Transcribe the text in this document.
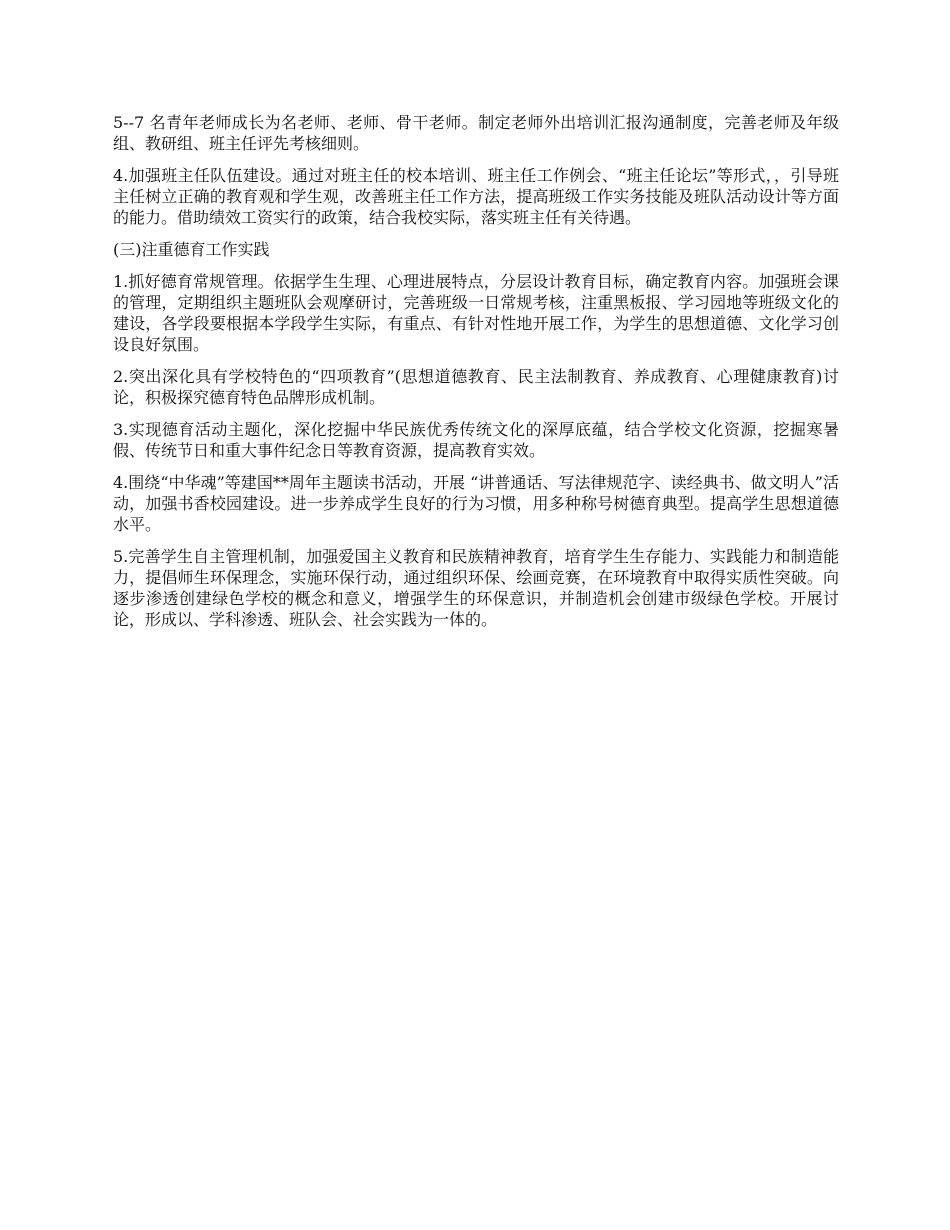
5--7 名青年老师成长为名老师、老师、骨干老师。制定老师外出培训汇报沟通制度，完善老师及年级组、教研组、班主任评先考核细则。

4.加强班主任队伍建设。通过对班主任的校本培训、班主任工作例会、“班主任论坛”等形式，，引导班主任树立正确的教育观和学生观，改善班主任工作方法，提高班级工作实务技能及班队活动设计等方面的能力。借助绩效工资实行的政策，结合我校实际，落实班主任有关待遇。

(三)注重德育工作实践

1.抓好德育常规管理。依据学生生理、心理进展特点，分层设计教育目标，确定教育内容。加强班会课的管理，定期组织主题班队会观摩研讨，完善班级一日常规考核，注重黑板报、学习园地等班级文化的建设，各学段要根据本学段学生实际，有重点、有针对性地开展工作，为学生的思想道德、文化学习创设良好氛围。

2.突出深化具有学校特色的“四项教育”(思想道德教育、民主法制教育、养成教育、心理健康教育)讨论，积极探究德育特色品牌形成机制。

3.实现德育活动主题化，深化挖掘中华民族优秀传统文化的深厚底蕴，结合学校文化资源，挖掘寒暑假、传统节日和重大事件纪念日等教育资源，提高教育实效。

4.围绕“中华魂”等建国**周年主题读书活动，开展 “讲普通话、写法律规范字、读经典书、做文明人”活动，加强书香校园建设。进一步养成学生良好的行为习惯，用多种称号树德育典型。提高学生思想道德水平。

5.完善学生自主管理机制，加强爱国主义教育和民族精神教育，培育学生生存能力、实践能力和制造能力，提倡师生环保理念，实施环保行动，通过组织环保、绘画竞赛，在环境教育中取得实质性突破。向逐步渗透创建绿色学校的概念和意义，增强学生的环保意识，并制造机会创建市级绿色学校。开展讨论，形成以、学科渗透、班队会、社会实践为一体的。
